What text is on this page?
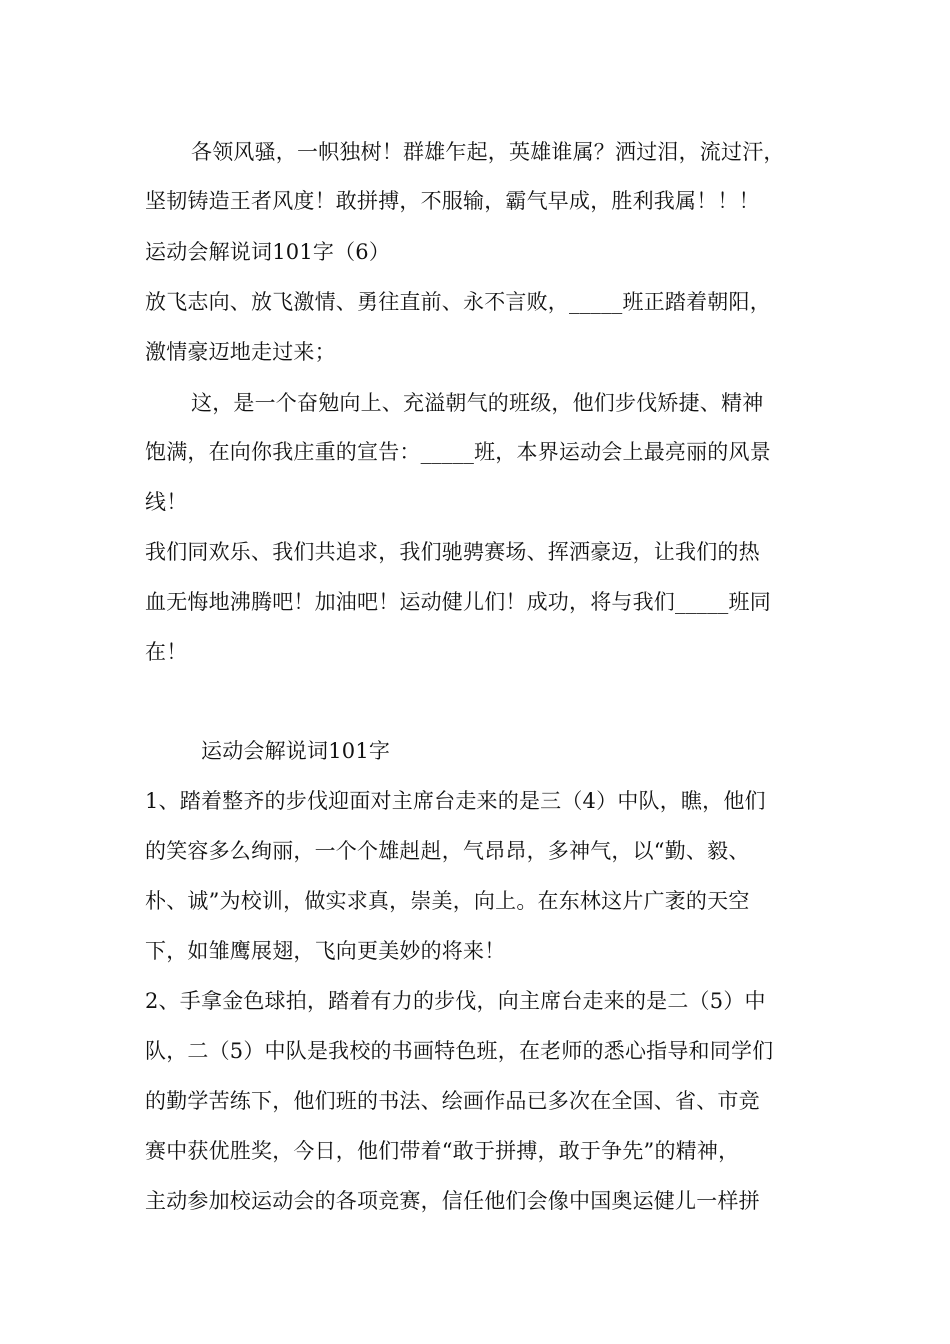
各领风骚，一帜独树！群雄乍起，英雄谁属？洒过泪，流过汗，
坚韧铸造王者风度！敢拼搏，不服输，霸气早成，胜利我属！！！
运动会解说词101字（6）
放飞志向、放飞激情、勇往直前、永不言败，_____班正踏着朝阳，
激情豪迈地走过来；
这，是一个奋勉向上、充溢朝气的班级，他们步伐矫捷、精神
饱满，在向你我庄重的宣告：_____班，本界运动会上最亮丽的风景
线！
我们同欢乐、我们共追求，我们驰骋赛场、挥洒豪迈，让我们的热
血无悔地沸腾吧！加油吧！运动健儿们！成功，将与我们_____班同
在！
运动会解说词101字
1、踏着整齐的步伐迎面对主席台走来的是三（4）中队，瞧，他们
的笑容多么绚丽，一个个雄赳赳，气昂昂，多神气，以“勤、毅、
朴、诚”为校训，做实求真，崇美，向上。在东林这片广袤的天空
下，如雏鹰展翅，飞向更美妙的将来！
2、手拿金色球拍，踏着有力的步伐，向主席台走来的是二（5）中
队，二（5）中队是我校的书画特色班，在老师的悉心指导和同学们
的勤学苦练下，他们班的书法、绘画作品已多次在全国、省、市竞
赛中获优胜奖，今日，他们带着“敢于拼搏，敢于争先”的精神，
主动参加校运动会的各项竞赛，信任他们会像中国奥运健儿一样拼
